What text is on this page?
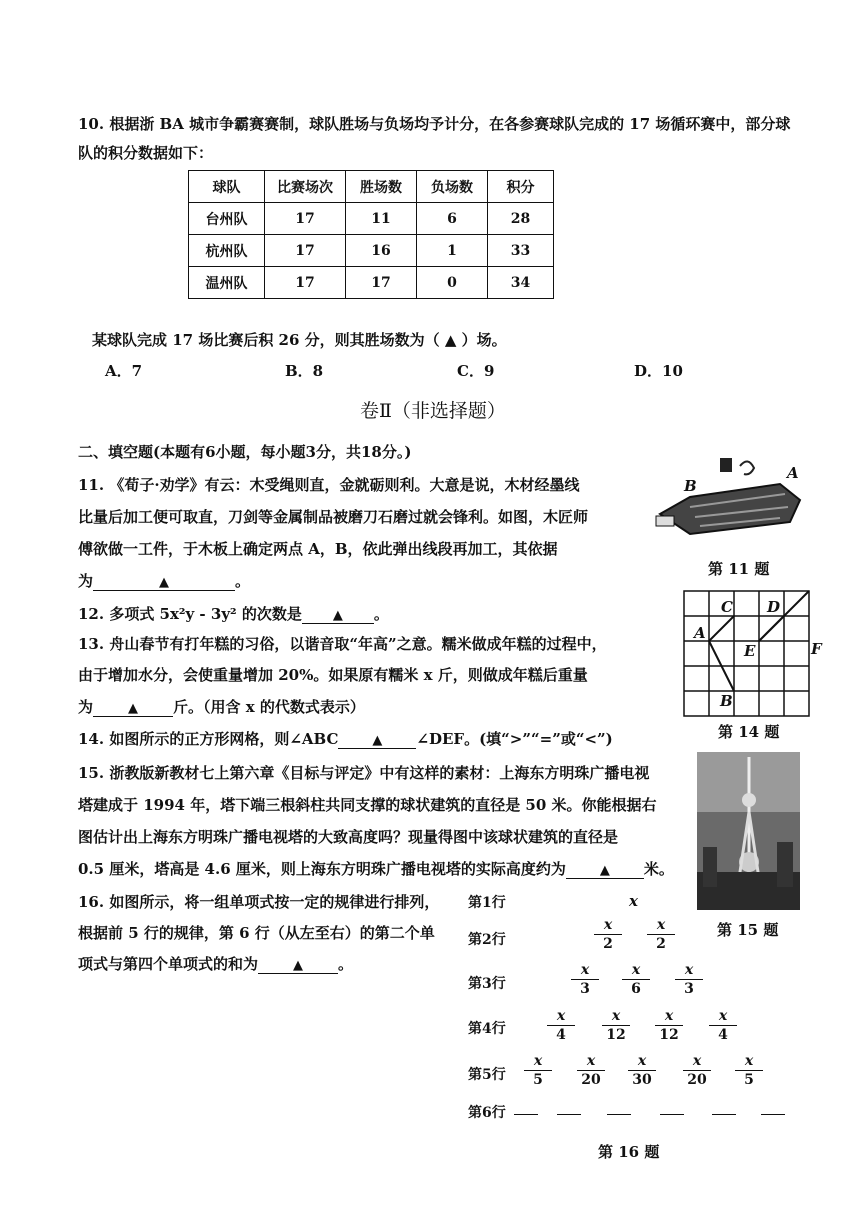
10. 根据浙 BA 城市争霸赛赛制，球队胜场与负场均予计分，在各参赛球队完成的 17 场循环赛中，部分球
队的积分数据如下：
球队	比赛场次	胜场数	负场数	积分
台州队	17	11	6	28
杭州队	17	16	1	33
温州队	17	17	0	34
某球队完成 17 场比赛后积 26 分，则其胜场数为（ ▲ ）场。
A．7	B．8	C．9	D．10
卷Ⅱ（非选择题）
二、填空题(本题有6小题，每小题3分，共18分。)
11. 《荀子·劝学》有云：木受绳则直，金就砺则利。大意是说，木材经墨线
比量后加工便可取直，刀剑等金属制品被磨刀石磨过就会锋利。如图，木匠师
傅欲做一工件，于木板上确定两点 A，B，依此弹出线段再加工，其依据
为	▲	。
B
A
第 11 题
12. 多项式 5x²y - 3y² 的次数是 ▲ 。
13. 舟山春节有打年糕的习俗，以谐音取“年高”之意。糯米做成年糕的过程中，
由于增加水分，会使重量增加 20%。如果原有糯米 x 斤，则做成年糕后重量
为	▲ 斤。（用含 x 的代数式表示）
14. 如图所示的正方形网格，则∠ABC	▲ ∠DEF。(填“>”“=”或“<”)
C D
A
E	F
B
第 14 题
15. 浙教版新教材七上第六章《目标与评定》中有这样的素材：上海东方明珠广播电视
塔建成于 1994 年，塔下端三根斜柱共同支撑的球状建筑的直径是 50 米。你能根据右
图估计出上海东方明珠广播电视塔的大致高度吗？现量得图中该球状建筑的直径是
0.5 厘米，塔高是 4.6 厘米，则上海东方明珠广播电视塔的实际高度约为	▲ 米。
第 15 题
16. 如图所示，将一组单项式按一定的规律进行排列，
根据前 5 行的规律，第 6 行（从左至右）的第二个单
项式与第四个单项式的和为	▲ 。
第1行
第2行
第3行
第4行
第5行
第6行
x
$\frac{x}{2} \frac{x}{2}$
$\frac{x}{3} \frac{x}{6} \frac{x}{3}$
$\frac{x}{4} \frac{x}{12} \frac{x}{12} \frac{x}{4}$
$\frac{x}{5} \frac{x}{20} \frac{x}{30} \frac{x}{20} \frac{x}{5}$
第 16 题
